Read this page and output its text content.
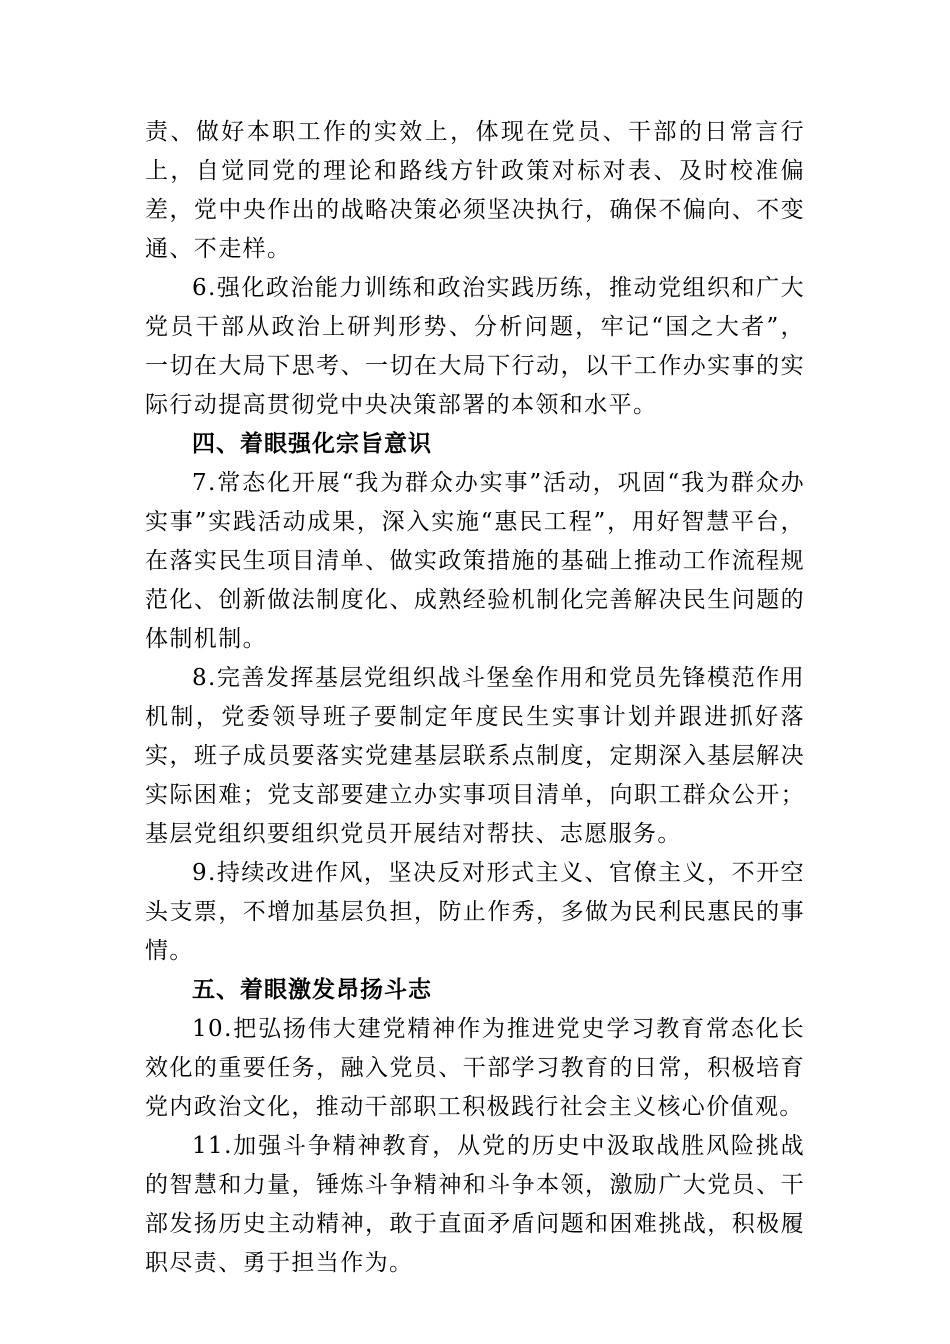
责、做好本职工作的实效上，体现在党员、干部的日常言行上，自觉同党的理论和路线方针政策对标对表、及时校准偏差，党中央作出的战略决策必须坚决执行，确保不偏向、不变通、不走样。

6.强化政治能力训练和政治实践历练，推动党组织和广大党员干部从政治上研判形势、分析问题，牢记“国之大者”，一切在大局下思考、一切在大局下行动，以干工作办实事的实际行动提高贯彻党中央决策部署的本领和水平。

四、着眼强化宗旨意识

7.常态化开展“我为群众办实事”活动，巩固“我为群众办实事”实践活动成果，深入实施“惠民工程”，用好智慧平台，在落实民生项目清单、做实政策措施的基础上推动工作流程规范化、创新做法制度化、成熟经验机制化完善解决民生问题的体制机制。

8.完善发挥基层党组织战斗堡垒作用和党员先锋模范作用机制，党委领导班子要制定年度民生实事计划并跟进抓好落实，班子成员要落实党建基层联系点制度，定期深入基层解决实际困难；党支部要建立办实事项目清单，向职工群众公开；基层党组织要组织党员开展结对帮扶、志愿服务。

9.持续改进作风，坚决反对形式主义、官僚主义，不开空头支票，不增加基层负担，防止作秀，多做为民利民惠民的事情。

五、着眼激发昂扬斗志

10.把弘扬伟大建党精神作为推进党史学习教育常态化长效化的重要任务，融入党员、干部学习教育的日常，积极培育党内政治文化，推动干部职工积极践行社会主义核心价值观。

11.加强斗争精神教育，从党的历史中汲取战胜风险挑战的智慧和力量，锤炼斗争精神和斗争本领，激励广大党员、干部发扬历史主动精神，敢于直面矛盾问题和困难挑战，积极履职尽责、勇于担当作为。
